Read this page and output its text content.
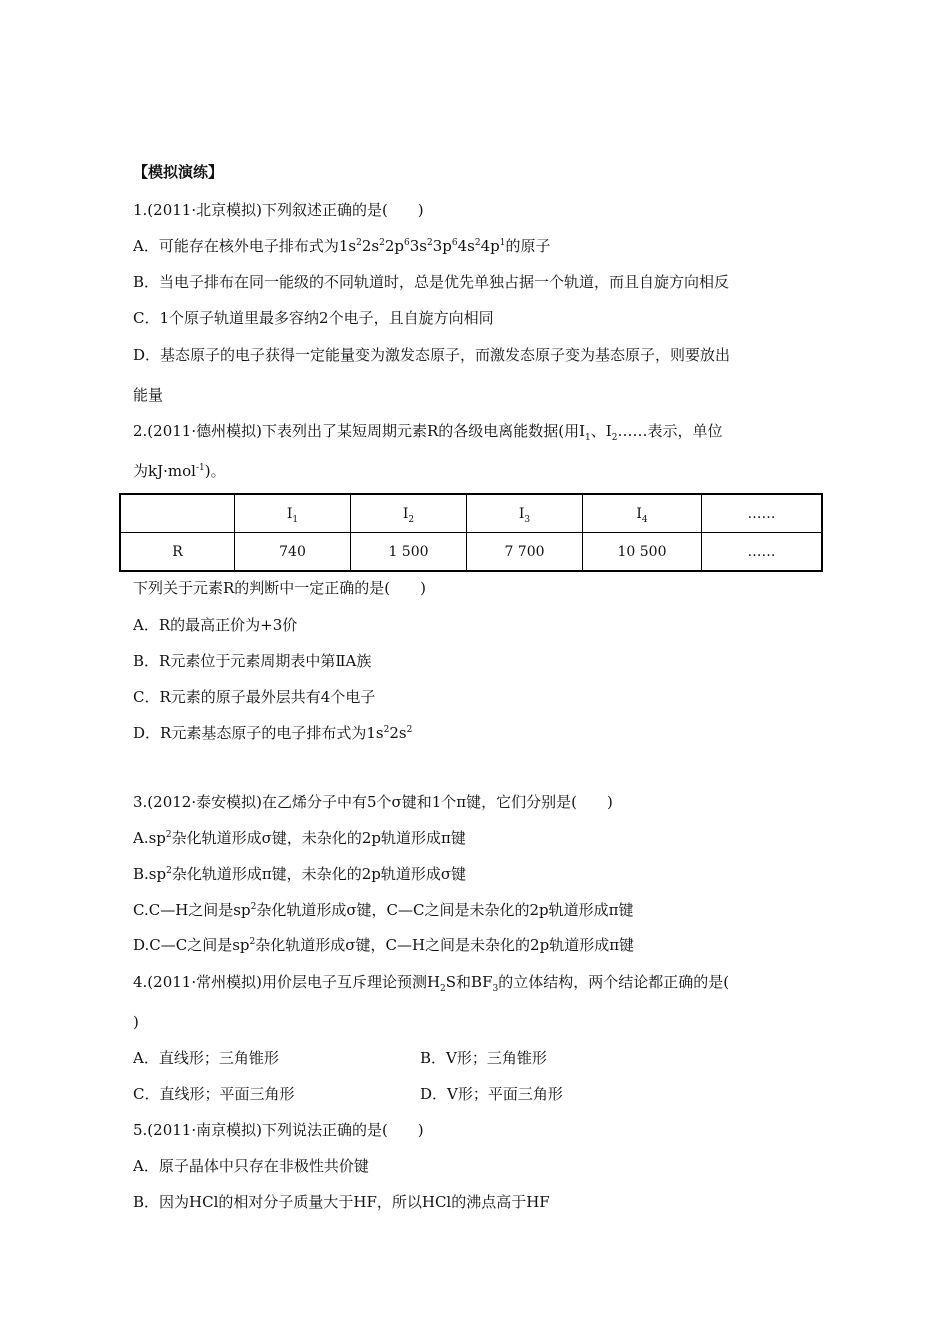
【模拟演练】
1.(2011·北京模拟)下列叙述正确的是(　　)
A．可能存在核外电子排布式为$1s^22s^22p^63s^23p^64s^24p^1$的原子
B．当电子排布在同一能级的不同轨道时，总是优先单独占据一个轨道，而且自旋方向相反
C．1个原子轨道里最多容纳2个电子，且自旋方向相同
D．基态原子的电子获得一定能量变为激发态原子，而激发态原子变为基态原子，则要放出
能量
2.(2011·德州模拟)下表列出了某短周期元素R的各级电离能数据(用$I_1$、$I_2\dots\dots$表示，单位
为kJ·mol$^{-1}$)。
	$I_1$	$I_2$	$I_3$	$I_4$	……
R	740	1 500	7 700	10 500	……
下列关于元素R的判断中一定正确的是(　　)
A．R的最高正价为+3价
B．R元素位于元素周期表中第ⅡA族
C．R元素的原子最外层共有4个电子
D．R元素基态原子的电子排布式为$1s^22s^2$
3.(2012·泰安模拟)在乙烯分子中有5个σ键和1个π键，它们分别是(　　)
$A.sp^2$杂化轨道形成σ键，未杂化的2p轨道形成π键
$B.sp^2$杂化轨道形成π键，未杂化的2p轨道形成σ键
C.C—H之间是$sp^2$杂化轨道形成σ键，C—C之间是未杂化的2p轨道形成π键
D.C—C之间是$sp^2$杂化轨道形成σ键，C—H之间是未杂化的2p轨道形成π键
4.(2011·常州模拟)用价层电子互斥理论预测$H_2S$和$BF_3$的立体结构，两个结论都正确的是(
)
A．直线形；三角锥形	B．V形；三角锥形
C．直线形；平面三角形	D．V形；平面三角形
5.(2011·南京模拟)下列说法正确的是(　　)
A．原子晶体中只存在非极性共价键
B．因为HCl的相对分子质量大于HF，所以HCl的沸点高于HF
